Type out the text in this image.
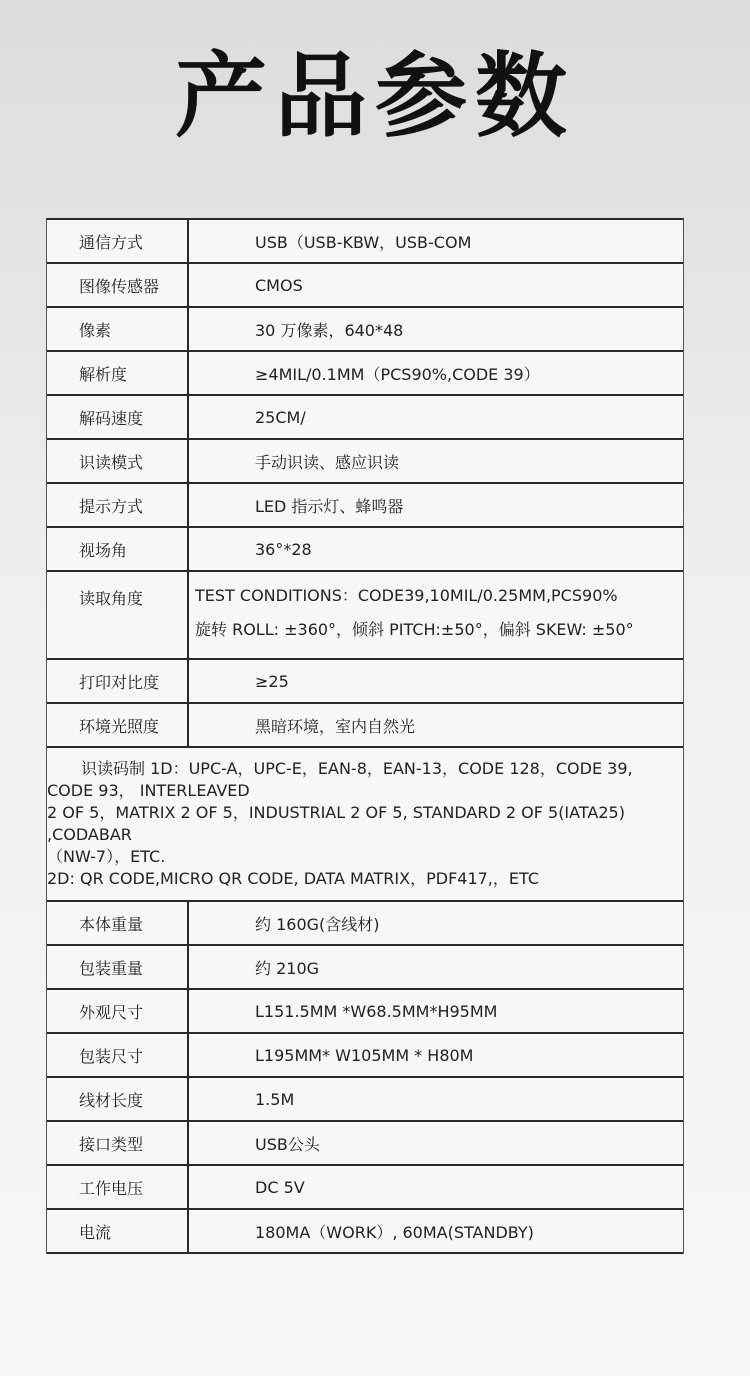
产品参数
通信方式	USB（USB-KBW，USB-COM
图像传感器	CMOS
像素	30 万像素，640*48
解析度	≥4MIL/0.1MM（PCS90%,CODE 39）
解码速度	25CM/
识读模式	手动识读、感应识读
提示方式	LED 指示灯、蜂鸣器
视场角	36°*28
读取角度	TEST CONDITIONS：CODE39,10MIL/0.25MM,PCS90%
旋转 ROLL: ±360°，倾斜 PITCH:±50°，偏斜 SKEW: ±50°
打印对比度	≥25
环境光照度	黑暗环境，室内自然光
识读码制 1D：UPC-A，UPC-E，EAN-8，EAN-13，CODE 128，CODE 39,
CODE 93， INTERLEAVED
2 OF 5，MATRIX 2 OF 5，INDUSTRIAL 2 OF 5, STANDARD 2 OF 5(IATA25)
,CODABAR
（NW-7），ETC.
2D: QR CODE,MICRO QR CODE, DATA MATRIX，PDF417,，ETC
本体重量	约 160G(含线材)
包装重量	约 210G
外观尺寸	L151.5MM *W68.5MM*H95MM
包装尺寸	L195MM* W105MM * H80M
线材长度	1.5M
接口类型	USB公头
工作电压	DC 5V
电流	180MA（WORK）, 60MA(STANDBY)
